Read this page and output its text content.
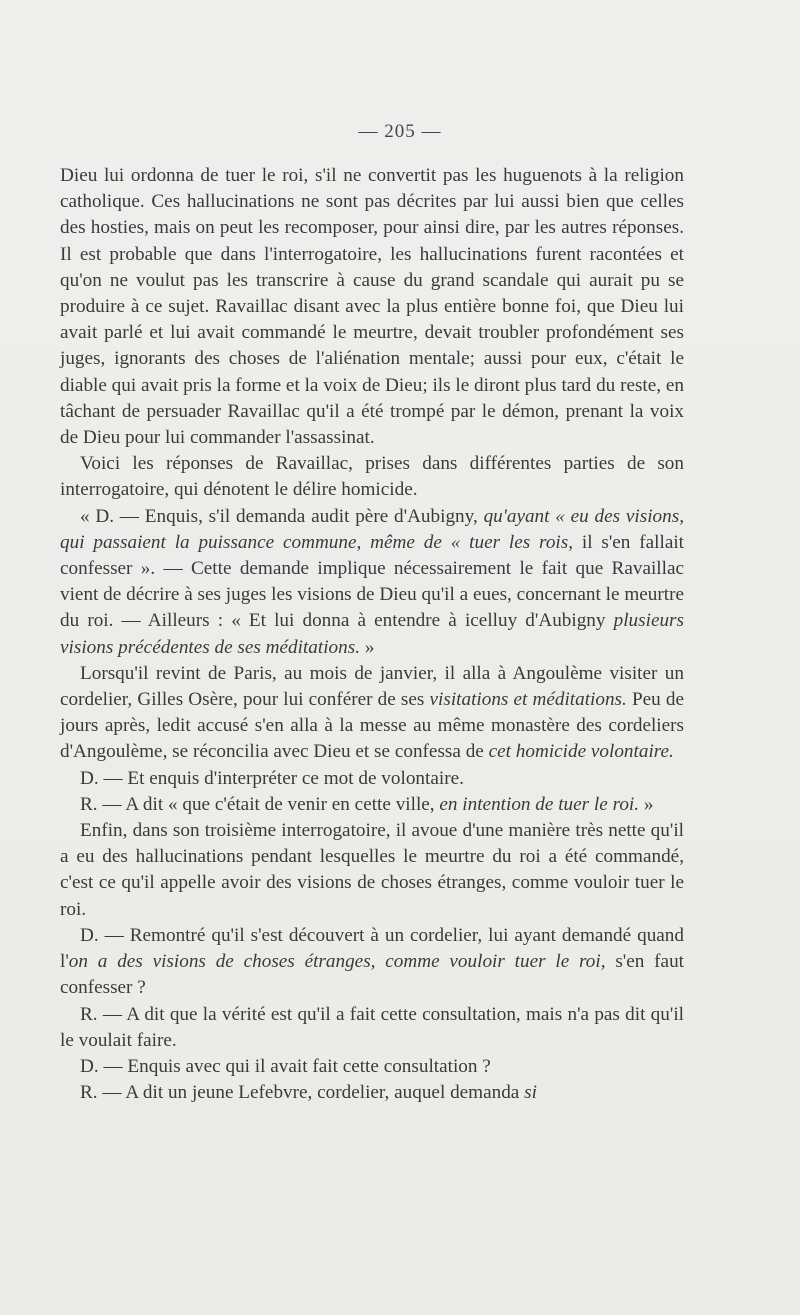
— 205 —

Dieu lui ordonna de tuer le roi, s'il ne convertit pas les huguenots à la religion catholique. Ces hallucinations ne sont pas décrites par lui aussi bien que celles des hosties, mais on peut les recomposer, pour ainsi dire, par les autres réponses. Il est probable que dans l'interrogatoire, les hallucinations furent racontées et qu'on ne voulut pas les transcrire à cause du grand scandale qui aurait pu se produire à ce sujet. Ravaillac disant avec la plus entière bonne foi, que Dieu lui avait parlé et lui avait commandé le meurtre, devait troubler profondément ses juges, ignorants des choses de l'aliénation mentale; aussi pour eux, c'était le diable qui avait pris la forme et la voix de Dieu; ils le diront plus tard du reste, en tâchant de persuader Ravaillac qu'il a été trompé par le démon, prenant la voix de Dieu pour lui commander l'assassinat.

Voici les réponses de Ravaillac, prises dans différentes parties de son interrogatoire, qui dénotent le délire homicide.

« D. — Enquis, s'il demanda audit père d'Aubigny, qu'ayant « eu des visions, qui passaient la puissance commune, même de « tuer les rois, il s'en fallait confesser ». — Cette demande implique nécessairement le fait que Ravaillac vient de décrire à ses juges les visions de Dieu qu'il a eues, concernant le meurtre du roi. — Ailleurs : « Et lui donna à entendre à icelluy d'Aubigny plusieurs visions précédentes de ses méditations. »

Lorsqu'il revint de Paris, au mois de janvier, il alla à Angoulème visiter un cordelier, Gilles Osère, pour lui conférer de ses visitations et méditations. Peu de jours après, ledit accusé s'en alla à la messe au même monastère des cordeliers d'Angoulème, se réconcilia avec Dieu et se confessa de cet homicide volontaire.

D. — Et enquis d'interpréter ce mot de volontaire.

R. — A dit « que c'était de venir en cette ville, en intention de tuer le roi. »

Enfin, dans son troisième interrogatoire, il avoue d'une manière très nette qu'il a eu des hallucinations pendant lesquelles le meurtre du roi a été commandé, c'est ce qu'il appelle avoir des visions de choses étranges, comme vouloir tuer le roi.

D. — Remontré qu'il s'est découvert à un cordelier, lui ayant demandé quand l'on a des visions de choses étranges, comme vouloir tuer le roi, s'en faut confesser ?

R. — A dit que la vérité est qu'il a fait cette consultation, mais n'a pas dit qu'il le voulait faire.

D. — Enquis avec qui il avait fait cette consultation ?

R. — A dit un jeune Lefebvre, cordelier, auquel demanda si
